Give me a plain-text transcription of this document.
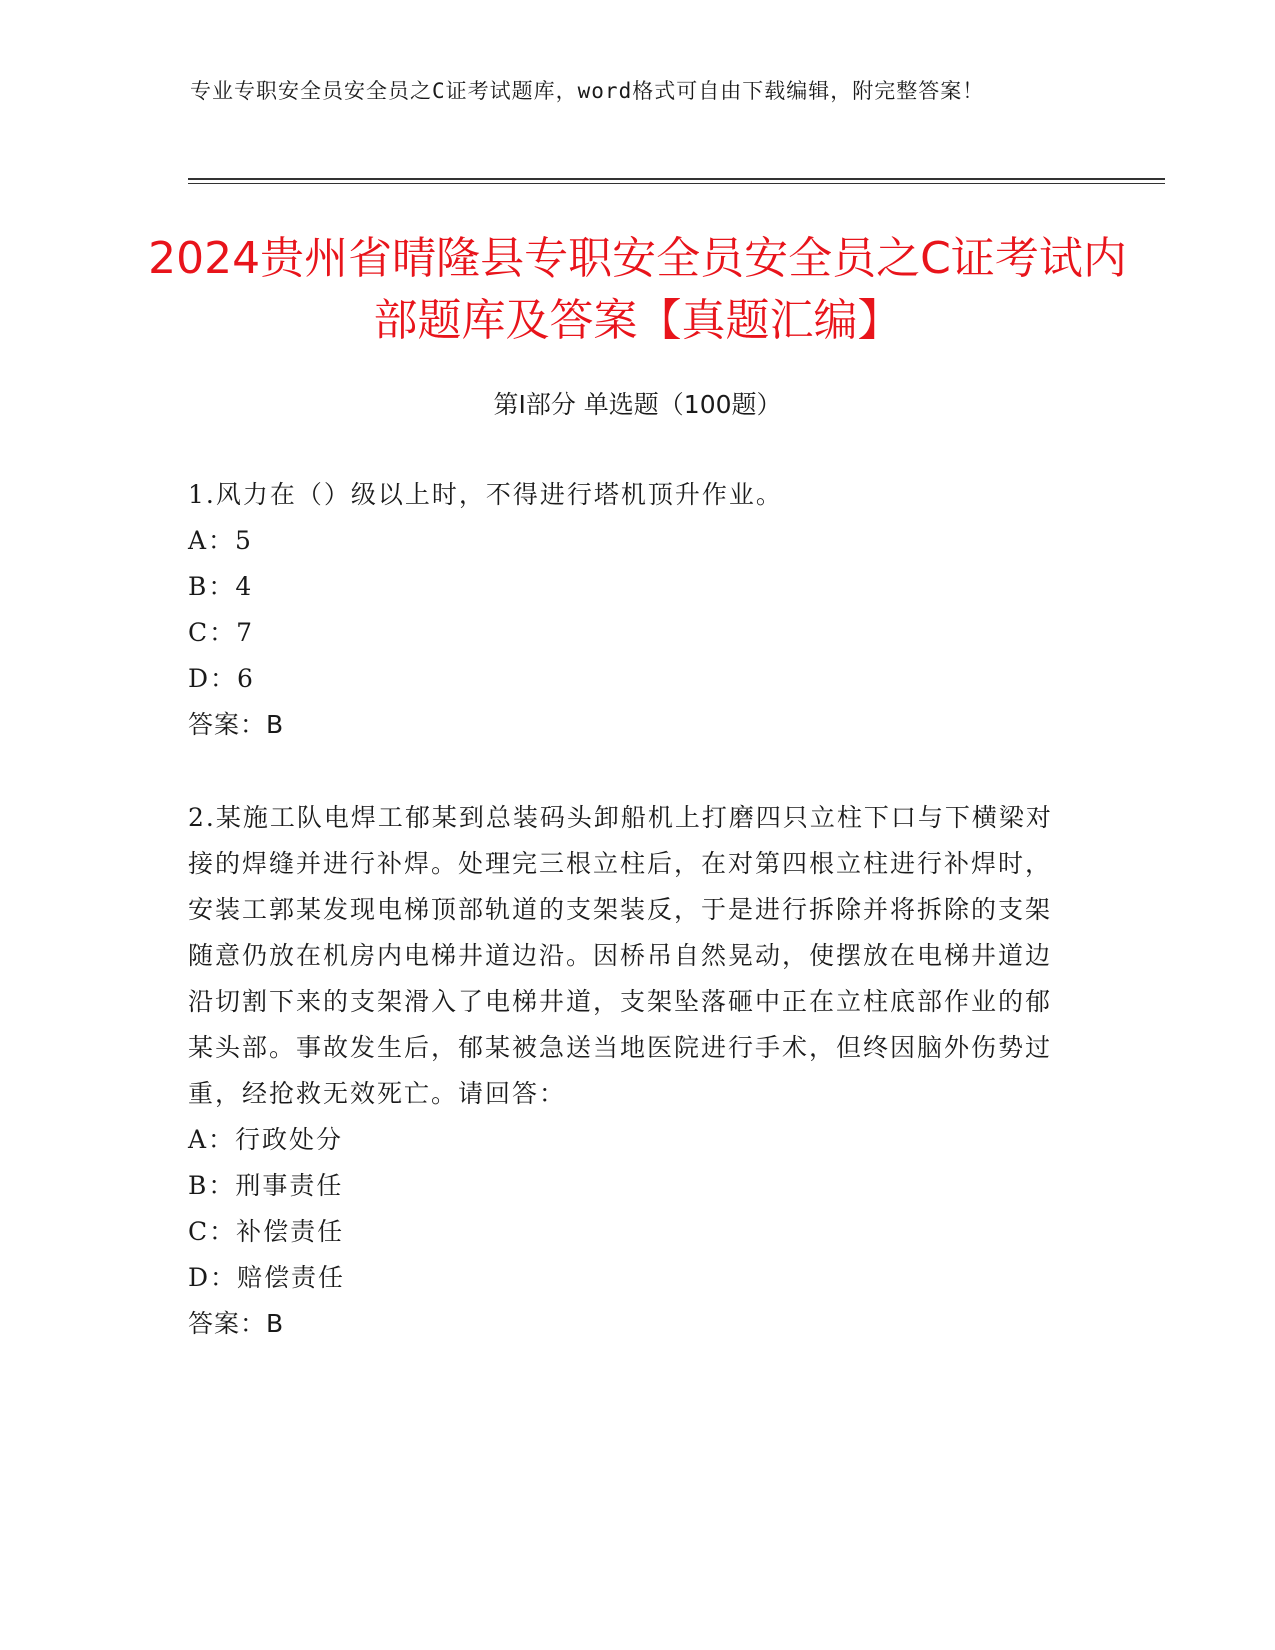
专业专职安全员安全员之C证考试题库，word格式可自由下载编辑，附完整答案！
2024贵州省晴隆县专职安全员安全员之C证考试内部题库及答案【真题汇编】
第Ⅰ部分 单选题（100题）

1.风力在（）级以上时，不得进行塔机顶升作业。

A：5

B：4

C：7

D：6

答案：B

2.某施工队电焊工郁某到总装码头卸船机上打磨四只立柱下口与下横梁对接的焊缝并进行补焊。处理完三根立柱后，在对第四根立柱进行补焊时，安装工郭某发现电梯顶部轨道的支架装反，于是进行拆除并将拆除的支架随意仍放在机房内电梯井道边沿。因桥吊自然晃动，使摆放在电梯井道边沿切割下来的支架滑入了电梯井道，支架坠落砸中正在立柱底部作业的郁某头部。事故发生后，郁某被急送当地医院进行手术，但终因脑外伤势过重，经抢救无效死亡。请回答：

A：行政处分

B：刑事责任

C：补偿责任

D：赔偿责任

答案：B
